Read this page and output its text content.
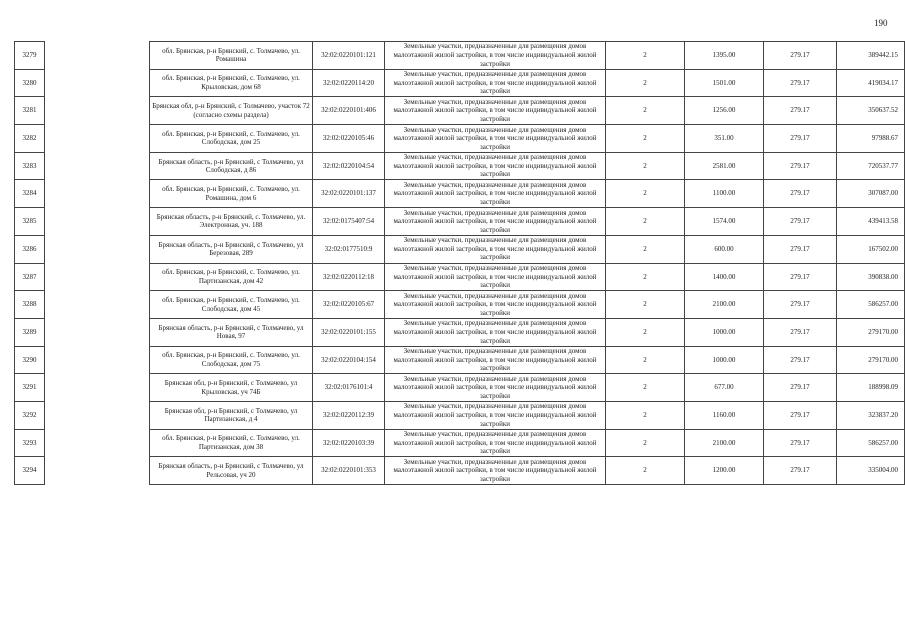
190
3279		обл. Брянская, р-н Брянский, с. Толмачево, ул. Ромашина	32:02:0220101:121	Земельные участки, предназначенные для размещения домов малоэтажной жилой застройки, в том числе индивидуальной жилой застройки	2	1395.00	279.17	389442.15
3280		обл. Брянская, р-н Брянский, с. Толмачево, ул. Крыловская, дом 68	32:02:0220114:20	Земельные участки, предназначенные для размещения домов малоэтажной жилой застройки, в том числе индивидуальной жилой застройки	2	1501.00	279.17	419034.17
3281		Брянская обл, р-н Брянский, с Толмачево, участок 72 (согласно схемы раздела)	32:02:0220101:406	Земельные участки, предназначенные для размещения домов малоэтажной жилой застройки, в том числе индивидуальной жилой застройки	2	1256.00	279.17	350637.52
3282		обл. Брянская, р-н Брянский, с. Толмачево, ул. Слободская, дом 25	32:02:0220105:46	Земельные участки, предназначенные для размещения домов малоэтажной жилой застройки, в том числе индивидуальной жилой застройки	2	351.00	279.17	97988.67
3283		Брянская область, р-н Брянский, с Толмачево, ул Слободская, д 86	32:02:0220104:54	Земельные участки, предназначенные для размещения домов малоэтажной жилой застройки, в том числе индивидуальной жилой застройки	2	2581.00	279.17	720537.77
3284		обл. Брянская, р-н Брянский, с. Толмачево, ул. Ромашина, дом 6	32:02:0220101:137	Земельные участки, предназначенные для размещения домов малоэтажной жилой застройки, в том числе индивидуальной жилой застройки	2	1100.00	279.17	307087.00
3285		Брянская область, р-н Брянский, с. Толмачево, ул. Электронная, уч. 188	32:02:0175407:54	Земельные участки, предназначенные для размещения домов малоэтажной жилой застройки, в том числе индивидуальной жилой застройки	2	1574.00	279.17	439413.58
3286		Брянская область, р-н Брянский, с Толмачево, ул Березовая, 289	32:02:0177510:9	Земельные участки, предназначенные для размещения домов малоэтажной жилой застройки, в том числе индивидуальной жилой застройки	2	600.00	279.17	167502.00
3287		обл. Брянская, р-н Брянский, с. Толмачево, ул. Партизанская, дом 42	32:02:0220112:18	Земельные участки, предназначенные для размещения домов малоэтажной жилой застройки, в том числе индивидуальной жилой застройки	2	1400.00	279.17	390838.00
3288		обл. Брянская, р-н Брянский, с. Толмачево, ул. Слободская, дом 45	32:02:0220105:67	Земельные участки, предназначенные для размещения домов малоэтажной жилой застройки, в том числе индивидуальной жилой застройки	2	2100.00	279.17	586257.00
3289		Брянская область, р-н Брянский, с Толмачево, ул Новая, 97	32:02:0220101:155	Земельные участки, предназначенные для размещения домов малоэтажной жилой застройки, в том числе индивидуальной жилой застройки	2	1000.00	279.17	279170.00
3290		обл. Брянская, р-н Брянский, с. Толмачево, ул. Слободская, дом 75	32:02:0220104:154	Земельные участки, предназначенные для размещения домов малоэтажной жилой застройки, в том числе индивидуальной жилой застройки	2	1000.00	279.17	279170.00
3291		Брянская обл, р-н Брянский, с Толмачево, ул Крыловская, уч 74Б	32:02:0176101:4	Земельные участки, предназначенные для размещения домов малоэтажной жилой застройки, в том числе индивидуальной жилой застройки	2	677.00	279.17	188998.09
3292		Брянская обл, р-н Брянский, с Толмачево, ул Партизанская, д 4	32:02:0220112:39	Земельные участки, предназначенные для размещения домов малоэтажной жилой застройки, в том числе индивидуальной жилой застройки	2	1160.00	279.17	323837.20
3293		обл. Брянская, р-н Брянский, с. Толмачево, ул. Партизанская, дом 38	32:02:0220103:39	Земельные участки, предназначенные для размещения домов малоэтажной жилой застройки, в том числе индивидуальной жилой застройки	2	2100.00	279.17	586257.00
3294		Брянская область, р-н Брянский, с Толмачево, ул Рельсовая, уч 20	32:02:0220101:353	Земельные участки, предназначенные для размещения домов малоэтажной жилой застройки, в том числе индивидуальной жилой застройки	2	1200.00	279.17	335004.00
